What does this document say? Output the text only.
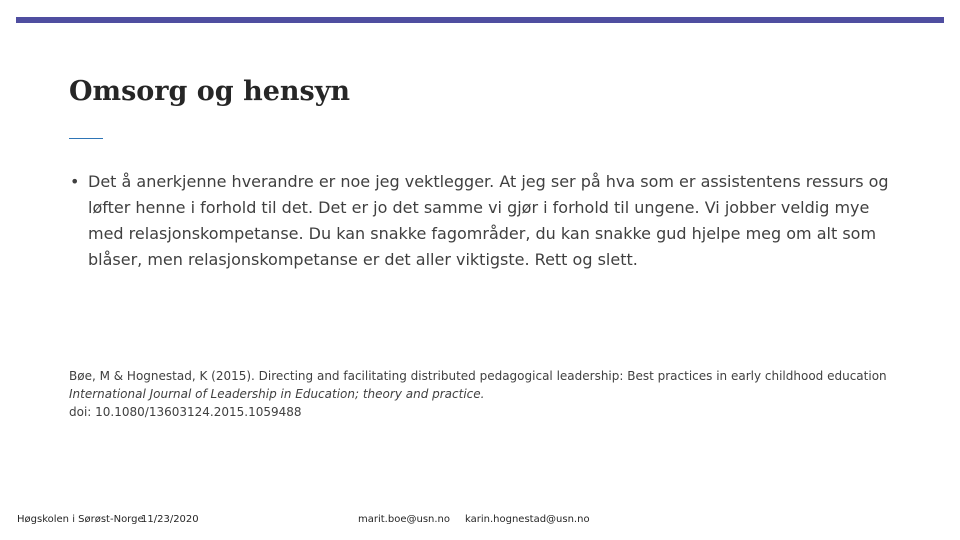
Omsorg og hensyn
• Det å anerkjenne hverandre er noe jeg vektlegger. At jeg ser på hva som er assistentens ressurs og løfter henne i forhold til det. Det er jo det samme vi gjør i forhold til ungene. Vi jobber veldig mye med relasjonskompetanse. Du kan snakke fagområder, du kan snakke gud hjelpe meg om alt som blåser, men relasjonskompetanse er det aller viktigste. Rett og slett.
Bøe, M & Hognestad, K (2015). Directing and facilitating distributed pedagogical leadership: Best practices in early childhood education
International Journal of Leadership in Education; theory and practice.
doi: 10.1080/13603124.2015.1059488
Høgskolen i Sørøst-Norge
11/23/2020	marit.boe@usn.no karin.hognestad@usn.no
